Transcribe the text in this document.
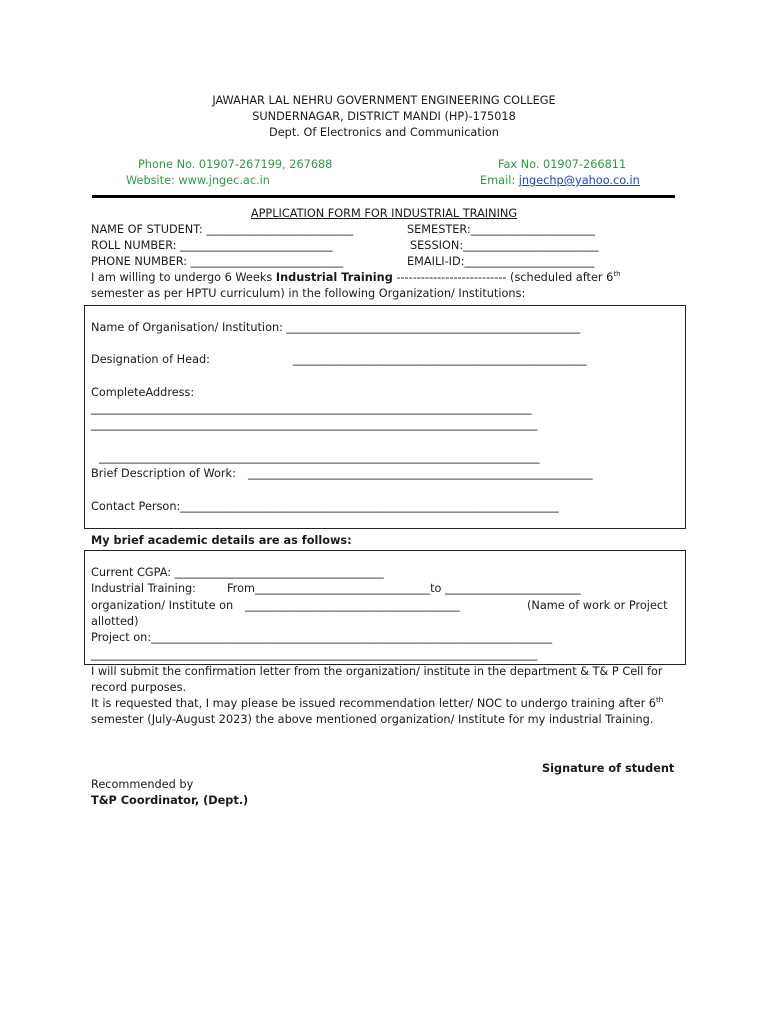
JAWAHAR LAL NEHRU GOVERNMENT ENGINEERING COLLEGE
SUNDERNAGAR, DISTRICT MANDI (HP)-175018
Dept. Of Electronics and Communication
Phone No. 01907-267199, 267688	Fax No. 01907-266811
Website: www.jngec.ac.in	Email: jngechp@yahoo.co.in
APPLICATION FORM FOR INDUSTRIAL TRAINING
NAME OF STUDENT: __________________________	SEMESTER:______________________
ROLL NUMBER: ___________________________	SESSION:________________________
PHONE NUMBER: ___________________________	EMAILI-ID:_______________________
I am willing to undergo 6 Weeks Industrial Training --------------------------- (scheduled after 6th
semester as per HPTU curriculum) in the following Organization/ Institutions:
Name of Organisation/ Institution: ____________________________________________________
Designation of Head:	____________________________________________________
CompleteAddress:
______________________________________________________________________________
_______________________________________________________________________________
______________________________________________________________________________
Brief Description of Work: _____________________________________________________________
Contact Person:___________________________________________________________________
My brief academic details are as follows:
Current CGPA: _____________________________________
Industrial Training:	From_______________________________to ________________________
organization/ Institute on ______________________________________	(Name of work or Project
allotted)
Project on:_______________________________________________________________________
_______________________________________________________________________________
I will submit the confirmation letter from the organization/ institute in the department & T& P Cell for
record purposes.
It is requested that, I may please be issued recommendation letter/ NOC to undergo training after 6th
semester (July-August 2023) the above mentioned organization/ Institute for my industrial Training.
Signature of student
Recommended by
T&P Coordinator, (Dept.)
